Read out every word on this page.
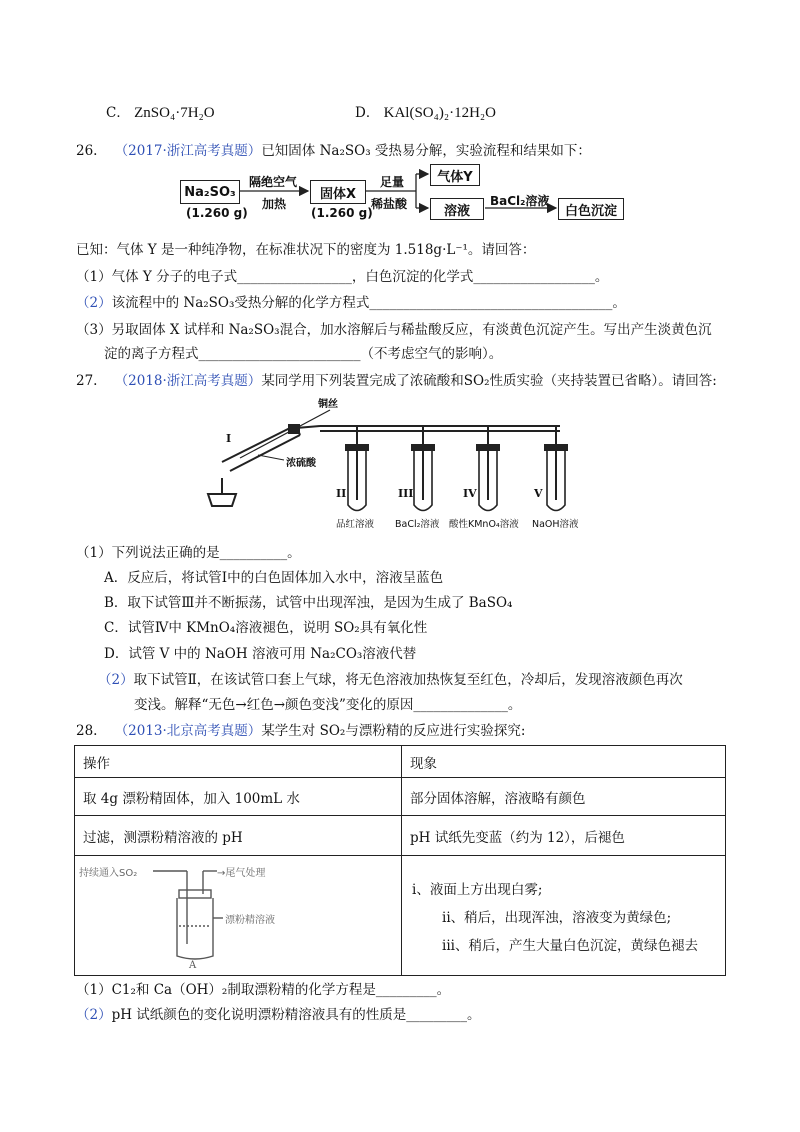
C． ZnSO₄·7H₂O	D． KAl(SO₄)₂·12H₂O
26. （2017·浙江高考真题）已知固体 Na₂SO₃ 受热易分解，实验流程和结果如下：
Na₂SO₃
(1.260 g)
隔绝空气
加热
固体X
(1.260 g)
足量
稀盐酸
气体Y
溶液
BaCl₂溶液
白色沉淀
已知：气体 Y 是一种纯净物，在标准状况下的密度为 1.518g·L⁻¹。请回答：
（1）气体 Y 分子的电子式_________________，白色沉淀的化学式__________________。
（2）该流程中的 Na₂SO₃受热分解的化学方程式____________________________________。
（3）另取固体 X 试样和 Na₂SO₃混合，加水溶解后与稀盐酸反应，有淡黄色沉淀产生。写出产生淡黄色沉
淀的离子方程式________________________（不考虑空气的影响）。
27. （2018·浙江高考真题）某同学用下列装置完成了浓硫酸和SO₂性质实验（夹持装置已省略）。请回答:
铜丝
浓硫酸
I
II	III	IV	V
品红溶液 BaCl₂溶液 酸性KMnO₄溶液 NaOH溶液
（1）下列说法正确的是__________。
A．反应后，将试管Ⅰ中的白色固体加入水中，溶液呈蓝色
B．取下试管Ⅲ并不断振荡，试管中出现浑浊，是因为生成了 BaSO₄
C．试管Ⅳ中 KMnO₄溶液褪色，说明 SO₂具有氧化性
D．试管 V 中的 NaOH 溶液可用 Na₂CO₃溶液代替
（2）取下试管Ⅱ，在该试管口套上气球，将无色溶液加热恢复至红色，冷却后，发现溶液颜色再次
变浅。解释“无色→红色→颜色变浅”变化的原因______________。
28. （2013·北京高考真题）某学生对 SO₂与漂粉精的反应进行实验探究:
操作	现象
取 4g 漂粉精固体，加入 100mL 水	部分固体溶解，溶液略有颜色
过滤，测漂粉精溶液的 pH	pH 试纸先变蓝（约为 12），后褪色

持续通入SO₂ →尾气处理
漂粉精溶液
A	i、液面上方出现白雾;
ii、稍后，出现浑浊，溶液变为黄绿色;
iii、稍后，产生大量白色沉淀，黄绿色褪去
（1）C1₂和 Ca（OH）₂制取漂粉精的化学方程是_________。
（2）pH 试纸颜色的变化说明漂粉精溶液具有的性质是_________。
